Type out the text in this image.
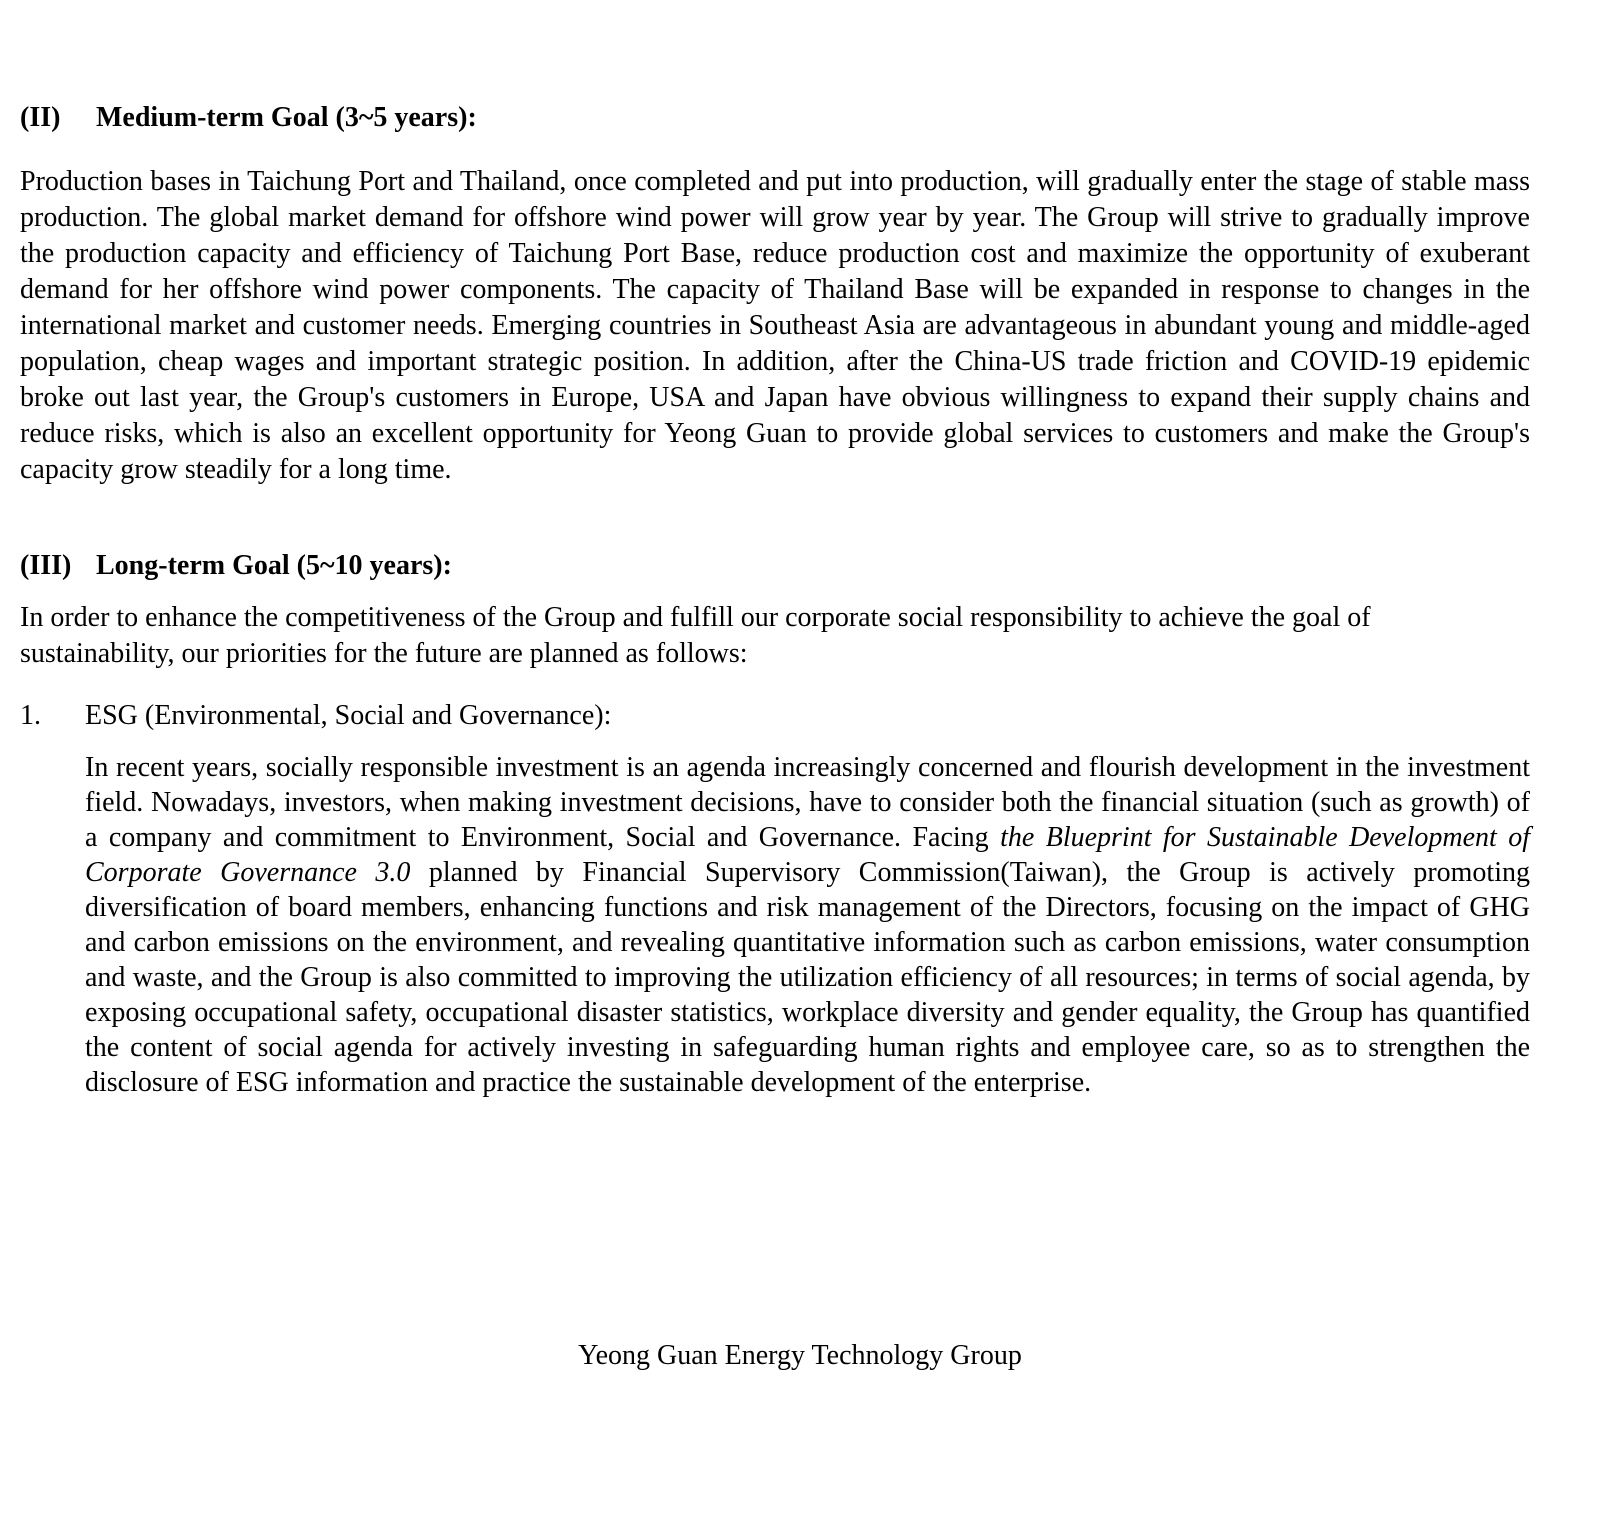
(II)	Medium-term Goal (3~5 years):

Production bases in Taichung Port and Thailand, once completed and put into production, will gradually enter the stage of stable mass production. The global market demand for offshore wind power will grow year by year. The Group will strive to gradually improve the production capacity and efficiency of Taichung Port Base, reduce production cost and maximize the opportunity of exuberant demand for her offshore wind power components. The capacity of Thailand Base will be expanded in response to changes in the international market and customer needs. Emerging countries in Southeast Asia are advantageous in abundant young and middle-aged population, cheap wages and important strategic position. In addition, after the China-US trade friction and COVID-19 epidemic broke out last year, the Group's customers in Europe, USA and Japan have obvious willingness to expand their supply chains and reduce risks, which is also an excellent opportunity for Yeong Guan to provide global services to customers and make the Group's capacity grow steadily for a long time.

(III) Long-term Goal (5~10 years):

In order to enhance the competitiveness of the Group and fulfill our corporate social responsibility to achieve the goal of sustainability, our priorities for the future are planned as follows:

1.	ESG (Environmental, Social and Governance):

In recent years, socially responsible investment is an agenda increasingly concerned and flourish development in the investment field. Nowadays, investors, when making investment decisions, have to consider both the financial situation (such as growth) of a company and commitment to Environment, Social and Governance. Facing the Blueprint for Sustainable Development of Corporate Governance 3.0 planned by Financial Supervisory Commission(Taiwan), the Group is actively promoting diversification of board members, enhancing functions and risk management of the Directors, focusing on the impact of GHG and carbon emissions on the environment, and revealing quantitative information such as carbon emissions, water consumption and waste, and the Group is also committed to improving the utilization efficiency of all resources; in terms of social agenda, by exposing occupational safety, occupational disaster statistics, workplace diversity and gender equality, the Group has quantified the content of social agenda for actively investing in safeguarding human rights and employee care, so as to strengthen the disclosure of ESG information and practice the sustainable development of the enterprise.

Yeong Guan Energy Technology Group
